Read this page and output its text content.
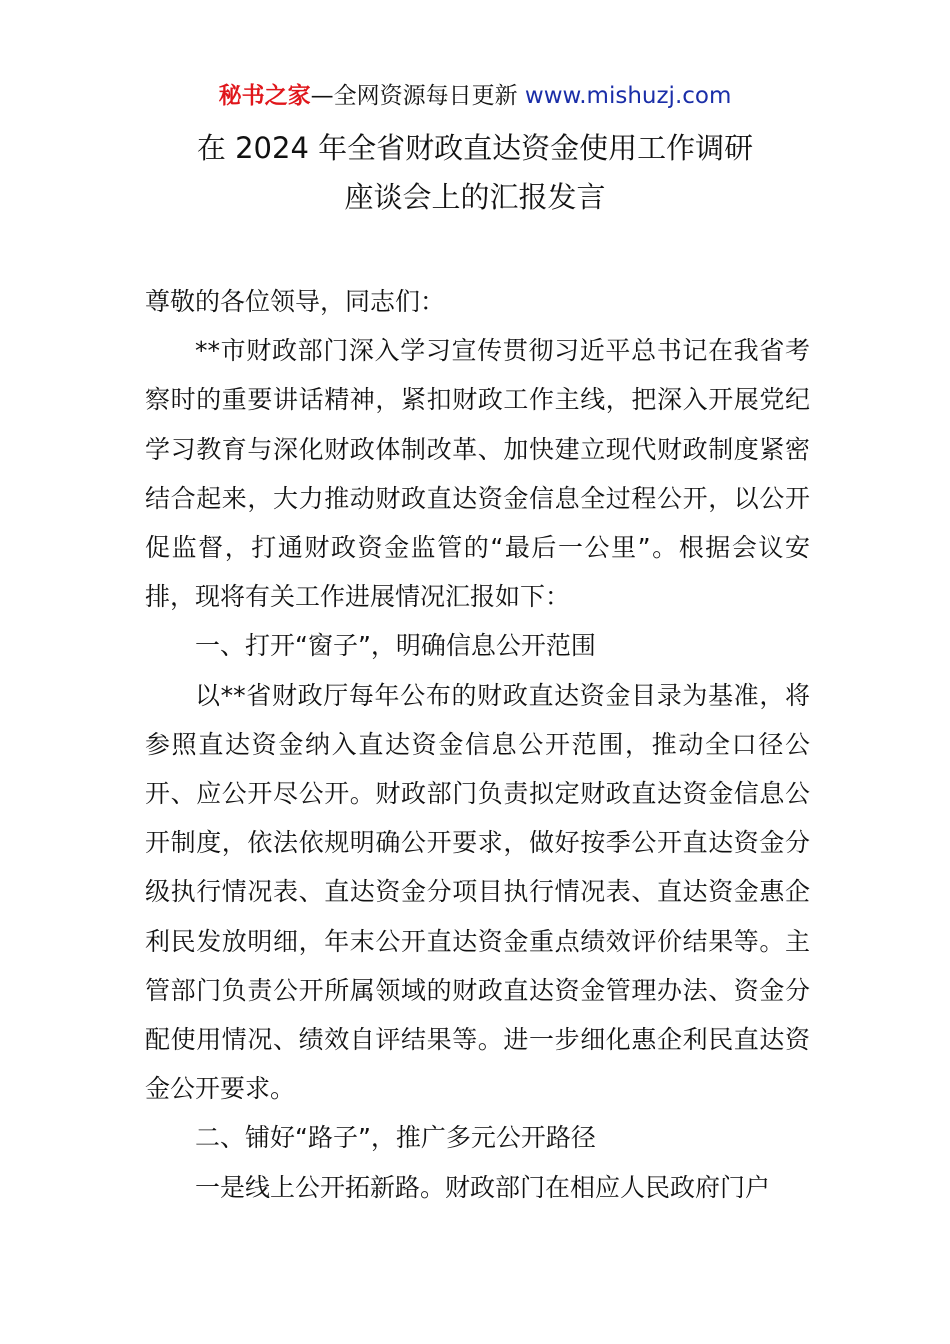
秘书之家—全网资源每日更新 www.mishuzj.com
在 2024 年全省财政直达资金使用工作调研
座谈会上的汇报发言

尊敬的各位领导，同志们：

**市财政部门深入学习宣传贯彻习近平总书记在我省考察时的重要讲话精神，紧扣财政工作主线，把深入开展党纪学习教育与深化财政体制改革、加快建立现代财政制度紧密结合起来，大力推动财政直达资金信息全过程公开，以公开促监督，打通财政资金监管的“最后一公里”。根据会议安排，现将有关工作进展情况汇报如下：

一、打开“窗子”，明确信息公开范围

以**省财政厅每年公布的财政直达资金目录为基准，将参照直达资金纳入直达资金信息公开范围，推动全口径公开、应公开尽公开。财政部门负责拟定财政直达资金信息公开制度，依法依规明确公开要求，做好按季公开直达资金分级执行情况表、直达资金分项目执行情况表、直达资金惠企利民发放明细，年末公开直达资金重点绩效评价结果等。主管部门负责公开所属领域的财政直达资金管理办法、资金分配使用情况、绩效自评结果等。进一步细化惠企利民直达资金公开要求。

二、铺好“路子”，推广多元公开路径

一是线上公开拓新路。财政部门在相应人民政府门户
